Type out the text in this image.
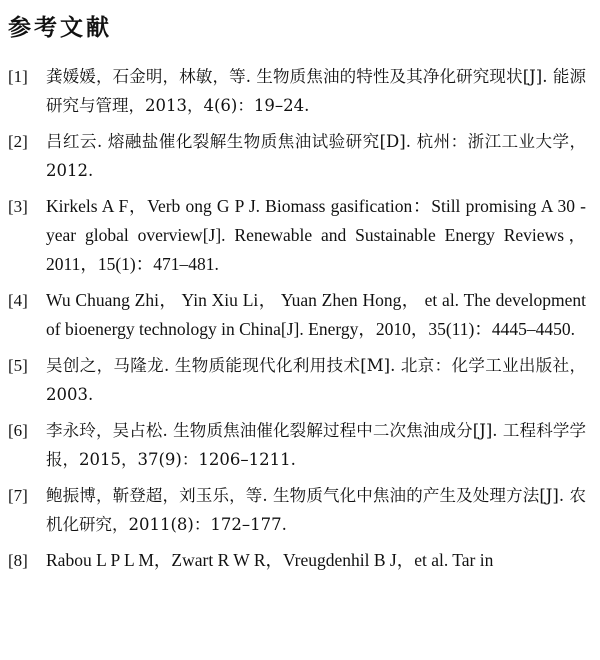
参考文献
[1] 龚媛媛，石金明，林敏，等. 生物质焦油的特性及其净化研究现状[J]. 能源研究与管理，2013，4(6)：19–24.
[2] 吕红云. 熔融盐催化裂解生物质焦油试验研究[D]. 杭州：浙江工业大学，2012.
[3] Kirkels A F，Verb ong G P J. Biomass gasification：Still promising A 30 -year global overview[J]. Renewable and Sustainable Energy Reviews，2011，15(1)：471–481.
[4] Wu Chuang Zhi， Yin Xiu Li， Yuan Zhen Hong， et al. The development of bioenergy technology in China[J]. Energy，2010，35(11)：4445–4450.
[5] 吴创之，马隆龙. 生物质能现代化利用技术[M]. 北京：化学工业出版社，2003.
[6] 李永玲，吴占松. 生物质焦油催化裂解过程中二次焦油成分[J]. 工程科学学报，2015，37(9)：1206–1211.
[7] 鲍振博，靳登超，刘玉乐，等. 生物质气化中焦油的产生及处理方法[J]. 农机化研究，2011(8)：172–177.
[8] Rabou L P L M，Zwart R W R，Vreugdenhil B J，et al. Tar in
